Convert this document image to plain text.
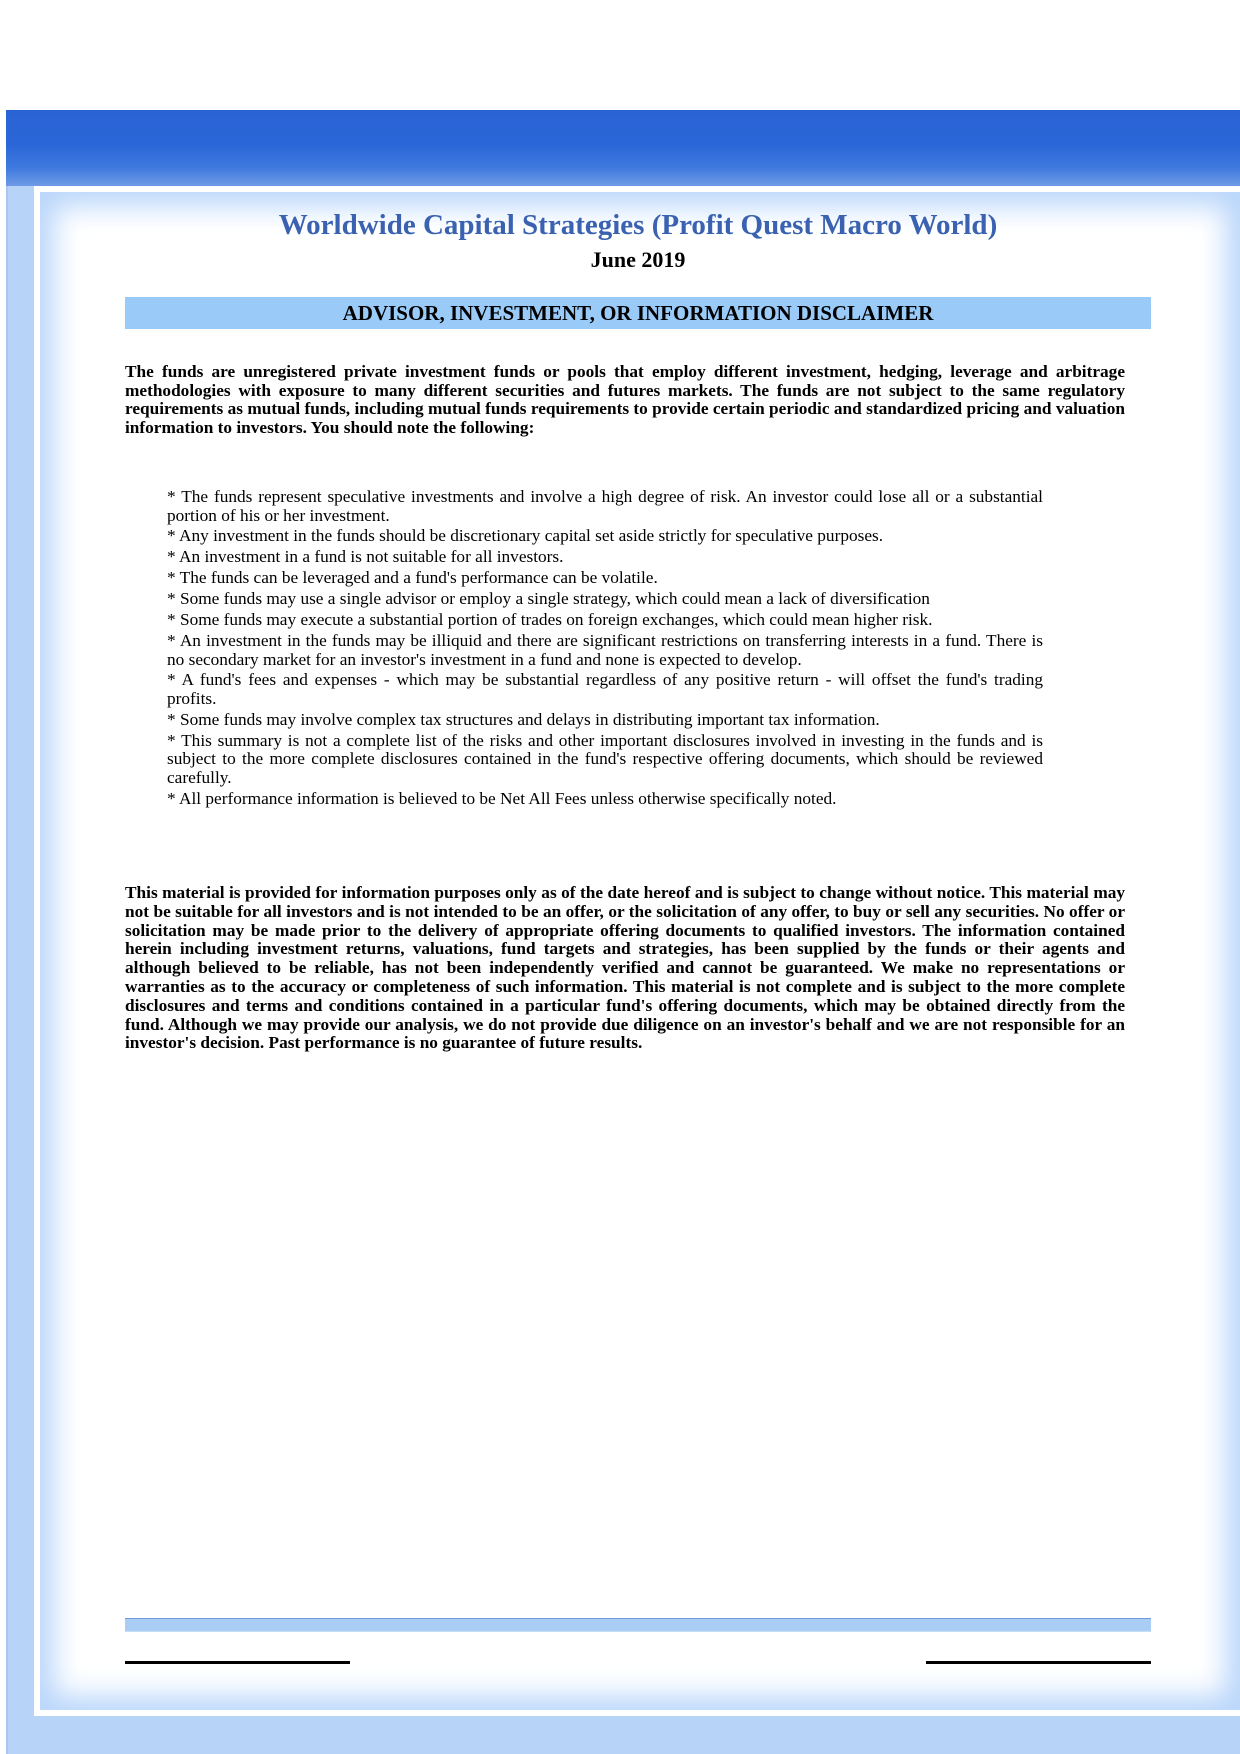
Worldwide Capital Strategies (Profit Quest Macro World)
June 2019
ADVISOR, INVESTMENT, OR INFORMATION DISCLAIMER

The funds are unregistered private investment funds or pools that employ different investment, hedging, leverage and arbitrage methodologies with exposure to many different securities and futures markets. The funds are not subject to the same regulatory requirements as mutual funds, including mutual funds requirements to provide certain periodic and standardized pricing and valuation information to investors. You should note the following:

* The funds represent speculative investments and involve a high degree of risk. An investor could lose all or a substantial portion of his or her investment.
* Any investment in the funds should be discretionary capital set aside strictly for speculative purposes.
* An investment in a fund is not suitable for all investors.
* The funds can be leveraged and a fund's performance can be volatile.
* Some funds may use a single advisor or employ a single strategy, which could mean a lack of diversification
* Some funds may execute a substantial portion of trades on foreign exchanges, which could mean higher risk.
* An investment in the funds may be illiquid and there are significant restrictions on transferring interests in a fund. There is no secondary market for an investor's investment in a fund and none is expected to develop.
* A fund's fees and expenses - which may be substantial regardless of any positive return - will offset the fund's trading profits.
* Some funds may involve complex tax structures and delays in distributing important tax information.
* This summary is not a complete list of the risks and other important disclosures involved in investing in the funds and is subject to the more complete disclosures contained in the fund's respective offering documents, which should be reviewed carefully.
* All performance information is believed to be Net All Fees unless otherwise specifically noted.

This material is provided for information purposes only as of the date hereof and is subject to change without notice. This material may not be suitable for all investors and is not intended to be an offer, or the solicitation of any offer, to buy or sell any securities. No offer or solicitation may be made prior to the delivery of appropriate offering documents to qualified investors. The information contained herein including investment returns, valuations, fund targets and strategies, has been supplied by the funds or their agents and although believed to be reliable, has not been independently verified and cannot be guaranteed. We make no representations or warranties as to the accuracy or completeness of such information. This material is not complete and is subject to the more complete disclosures and terms and conditions contained in a particular fund's offering documents, which may be obtained directly from the fund. Although we may provide our analysis, we do not provide due diligence on an investor's behalf and we are not responsible for an investor's decision. Past performance is no guarantee of future results.
